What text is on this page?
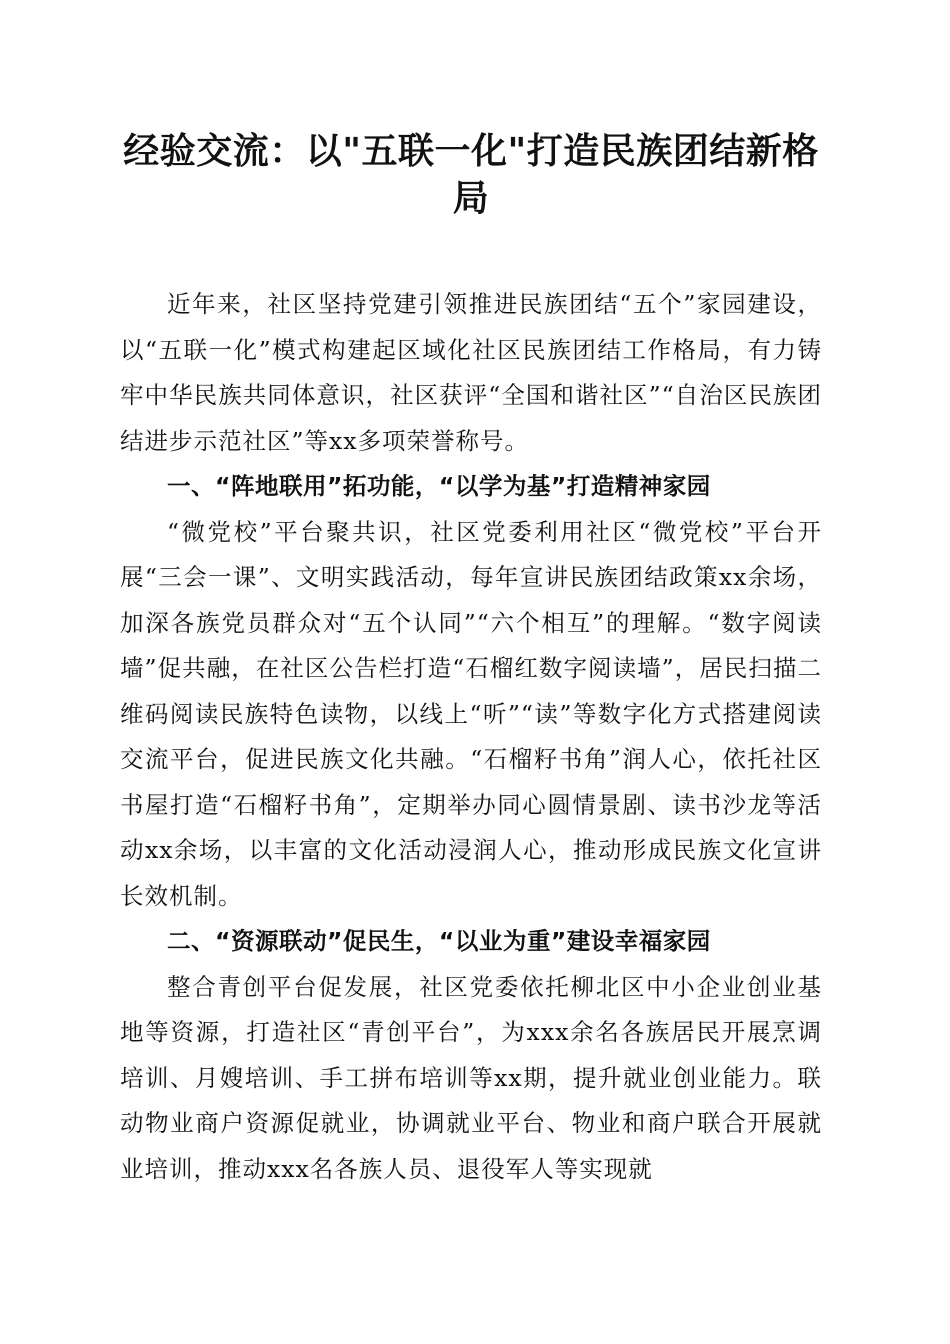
经验交流：以"五联一化"打造民族团结新格局

近年来，社区坚持党建引领推进民族团结“五个”家园建设，以“五联一化”模式构建起区域化社区民族团结工作格局，有力铸牢中华民族共同体意识，社区获评“全国和谐社区”“自治区民族团结进步示范社区”等xx多项荣誉称号。

一、“阵地联用”拓功能，“以学为基”打造精神家园

“微党校”平台聚共识，社区党委利用社区“微党校”平台开展“三会一课”、文明实践活动，每年宣讲民族团结政策xx余场，加深各族党员群众对“五个认同”“六个相互”的理解。“数字阅读墙”促共融，在社区公告栏打造“石榴红数字阅读墙”，居民扫描二维码阅读民族特色读物，以线上“听”“读”等数字化方式搭建阅读交流平台，促进民族文化共融。“石榴籽书角”润人心，依托社区书屋打造“石榴籽书角”，定期举办同心圆情景剧、读书沙龙等活动xx余场，以丰富的文化活动浸润人心，推动形成民族文化宣讲长效机制。

二、“资源联动”促民生，“以业为重”建设幸福家园

整合青创平台促发展，社区党委依托柳北区中小企业创业基地等资源，打造社区“青创平台”，为xxx余名各族居民开展烹调培训、月嫂培训、手工拼布培训等xx期，提升就业创业能力。联动物业商户资源促就业，协调就业平台、物业和商户联合开展就业培训，推动xxx名各族人员、退役军人等实现就
